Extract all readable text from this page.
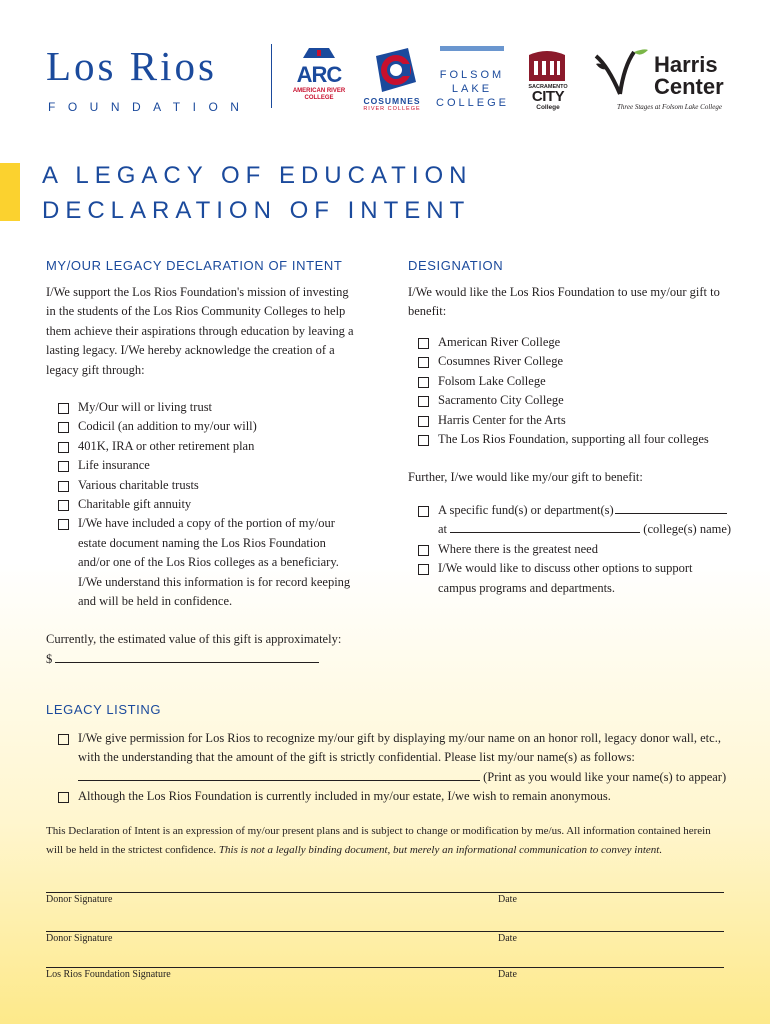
Los Rios
FOUNDATION
ARC
AMERICAN RIVER COLLEGE	COSUMNES
RIVER COLLEGE
FOLSOM
LAKE
COLLEGE
SACRAMENTO
CITY
College
Harris
Center
Three Stages at Folsom Lake College
A LEGACY OF EDUCATION
DECLARATION OF INTENT
MY/OUR LEGACY DECLARATION OF INTENT
I/We support the Los Rios Foundation's mission of investing in the students of the Los Rios Community Colleges to help them achieve their aspirations through education by leaving a lasting legacy. I/We hereby acknowledge the creation of a legacy gift through:
My/Our will or living trust
Codicil (an addition to my/our will)
401K, IRA or other retirement plan
Life insurance
Various charitable trusts
Charitable gift annuity
I/We have included a copy of the portion of my/our estate document naming the Los Rios Foundation and/or one of the Los Rios colleges as a beneficiary. I/We understand this information is for record keeping and will be held in confidence.
Currently, the estimated value of this gift is approximately:
$
DESIGNATION
I/We would like the Los Rios Foundation to use my/our gift to benefit:
American River College
Cosumnes River College
Folsom Lake College
Sacramento City College
Harris Center for the Arts
The Los Rios Foundation, supporting all four colleges
Further, I/we would like my/our gift to benefit:
A specific fund(s) or department(s)
at	(college(s) name)
Where there is the greatest need
I/We would like to discuss other options to support campus programs and departments.
LEGACY LISTING
I/We give permission for Los Rios to recognize my/our gift by displaying my/our name on an honor roll, legacy donor wall, etc., with the understanding that the amount of the gift is strictly confidential. Please list my/our name(s) as follows:
(Print as you would like your name(s) to appear)
Although the Los Rios Foundation is currently included in my/our estate, I/we wish to remain anonymous.
This Declaration of Intent is an expression of my/our present plans and is subject to change or modification by me/us. All information contained herein will be held in the strictest confidence. This is not a legally binding document, but merely an informational communication to convey intent.
Donor Signature	Date
Donor Signature	Date
Los Rios Foundation Signature	Date
